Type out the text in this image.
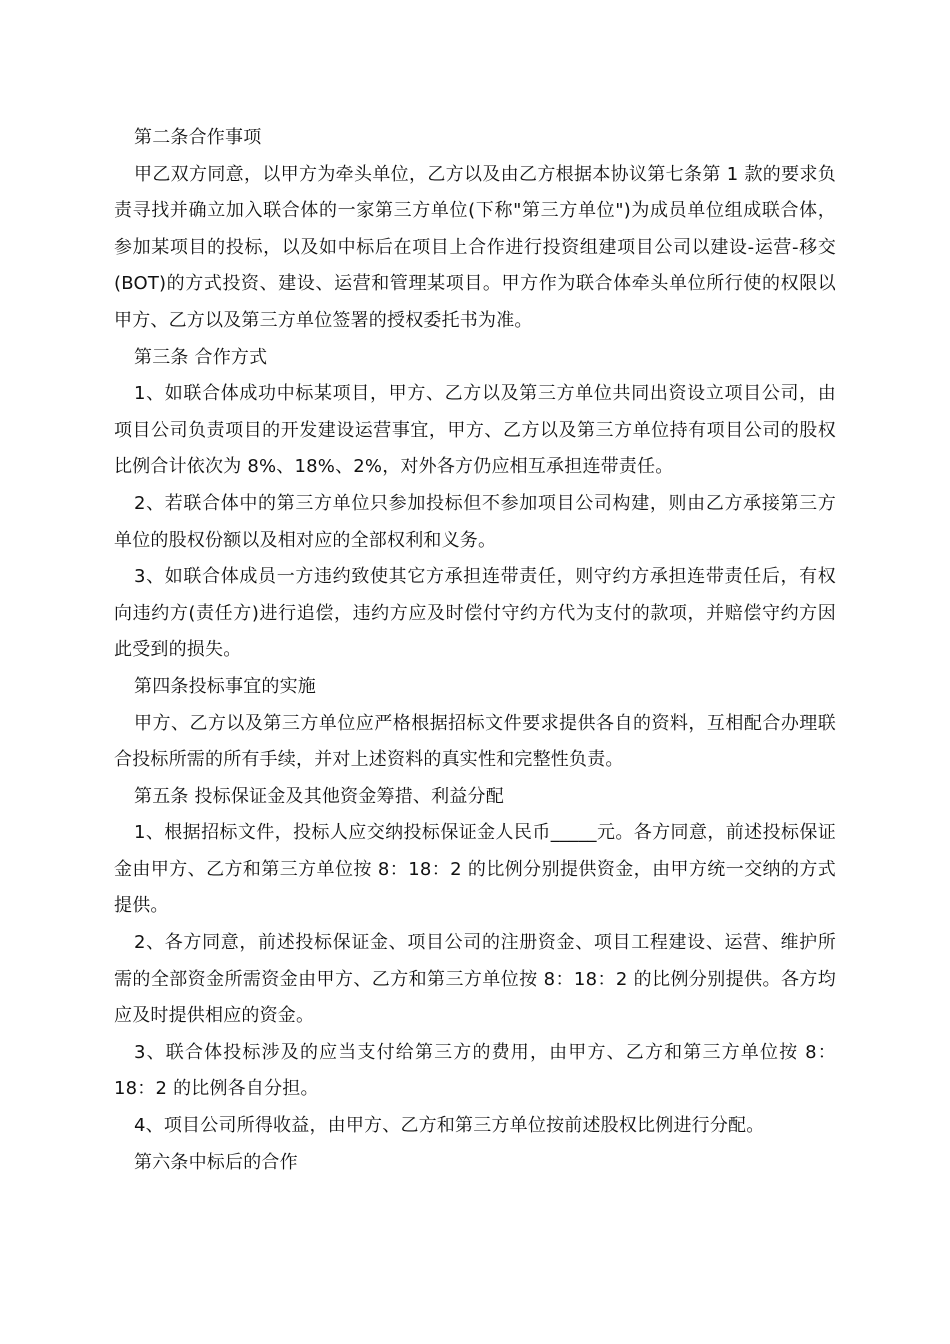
第二条合作事项

甲乙双方同意，以甲方为牵头单位，乙方以及由乙方根据本协议第七条第 1 款的要求负责寻找并确立加入联合体的一家第三方单位(下称"第三方单位")为成员单位组成联合体，参加某项目的投标，以及如中标后在项目上合作进行投资组建项目公司以建设-运营-移交(BOT)的方式投资、建设、运营和管理某项目。甲方作为联合体牵头单位所行使的权限以甲方、乙方以及第三方单位签署的授权委托书为准。

第三条 合作方式

1、如联合体成功中标某项目，甲方、乙方以及第三方单位共同出资设立项目公司，由项目公司负责项目的开发建设运营事宜，甲方、乙方以及第三方单位持有项目公司的股权比例合计依次为 8%、18%、2%，对外各方仍应相互承担连带责任。

2、若联合体中的第三方单位只参加投标但不参加项目公司构建，则由乙方承接第三方单位的股权份额以及相对应的全部权利和义务。

3、如联合体成员一方违约致使其它方承担连带责任，则守约方承担连带责任后，有权向违约方(责任方)进行追偿，违约方应及时偿付守约方代为支付的款项，并赔偿守约方因此受到的损失。

第四条投标事宜的实施

甲方、乙方以及第三方单位应严格根据招标文件要求提供各自的资料，互相配合办理联合投标所需的所有手续，并对上述资料的真实性和完整性负责。

第五条 投标保证金及其他资金筹措、利益分配

1、根据招标文件，投标人应交纳投标保证金人民币_____元。各方同意，前述投标保证金由甲方、乙方和第三方单位按 8：18：2 的比例分别提供资金，由甲方统一交纳的方式提供。

2、各方同意，前述投标保证金、项目公司的注册资金、项目工程建设、运营、维护所需的全部资金所需资金由甲方、乙方和第三方单位按 8：18：2 的比例分别提供。各方均应及时提供相应的资金。

3、联合体投标涉及的应当支付给第三方的费用，由甲方、乙方和第三方单位按 8：18：2 的比例各自分担。

4、项目公司所得收益，由甲方、乙方和第三方单位按前述股权比例进行分配。

第六条中标后的合作
